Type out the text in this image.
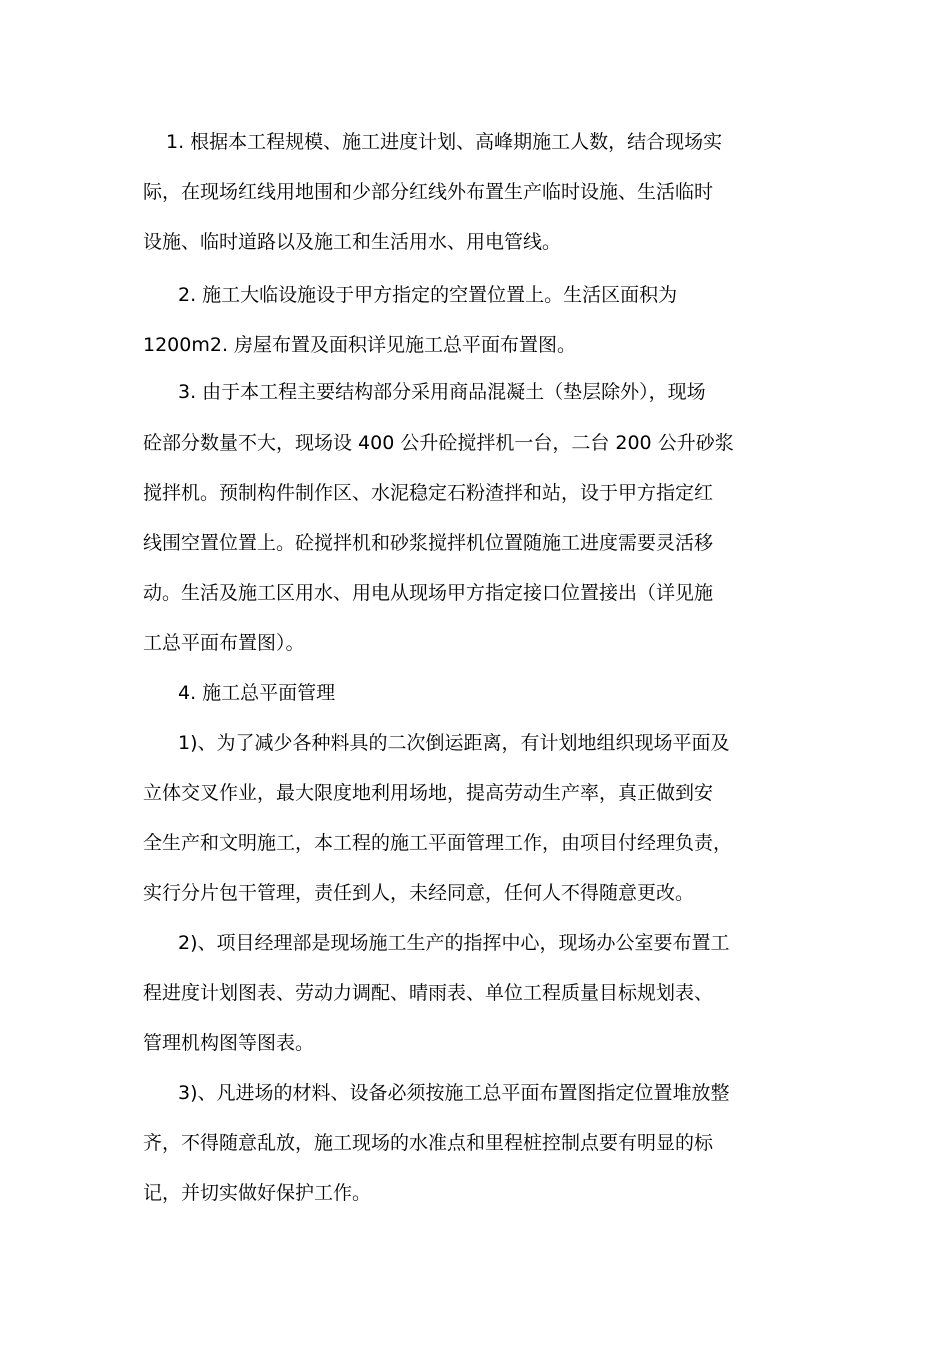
1. 根据本工程规模、施工进度计划、高峰期施工人数，结合现场实
际，在现场红线用地围和少部分红线外布置生产临时设施、生活临时
设施、临时道路以及施工和生活用水、用电管线。
2. 施工大临设施设于甲方指定的空置位置上。生活区面积为
1200m2. 房屋布置及面积详见施工总平面布置图。
3. 由于本工程主要结构部分采用商品混凝土（垫层除外），现场
砼部分数量不大，现场设 400 公升砼搅拌机一台，二台 200 公升砂浆
搅拌机。预制构件制作区、水泥稳定石粉渣拌和站，设于甲方指定红
线围空置位置上。砼搅拌机和砂浆搅拌机位置随施工进度需要灵活移
动。生活及施工区用水、用电从现场甲方指定接口位置接出（详见施
工总平面布置图）。
4. 施工总平面管理
1)、为了减少各种料具的二次倒运距离，有计划地组织现场平面及
立体交叉作业，最大限度地利用场地，提高劳动生产率，真正做到安
全生产和文明施工，本工程的施工平面管理工作，由项目付经理负责，
实行分片包干管理，责任到人，未经同意，任何人不得随意更改。
2)、项目经理部是现场施工生产的指挥中心，现场办公室要布置工
程进度计划图表、劳动力调配、晴雨表、单位工程质量目标规划表、
管理机构图等图表。
3)、凡进场的材料、设备必须按施工总平面布置图指定位置堆放整
齐，不得随意乱放，施工现场的水准点和里程桩控制点要有明显的标
记，并切实做好保护工作。
